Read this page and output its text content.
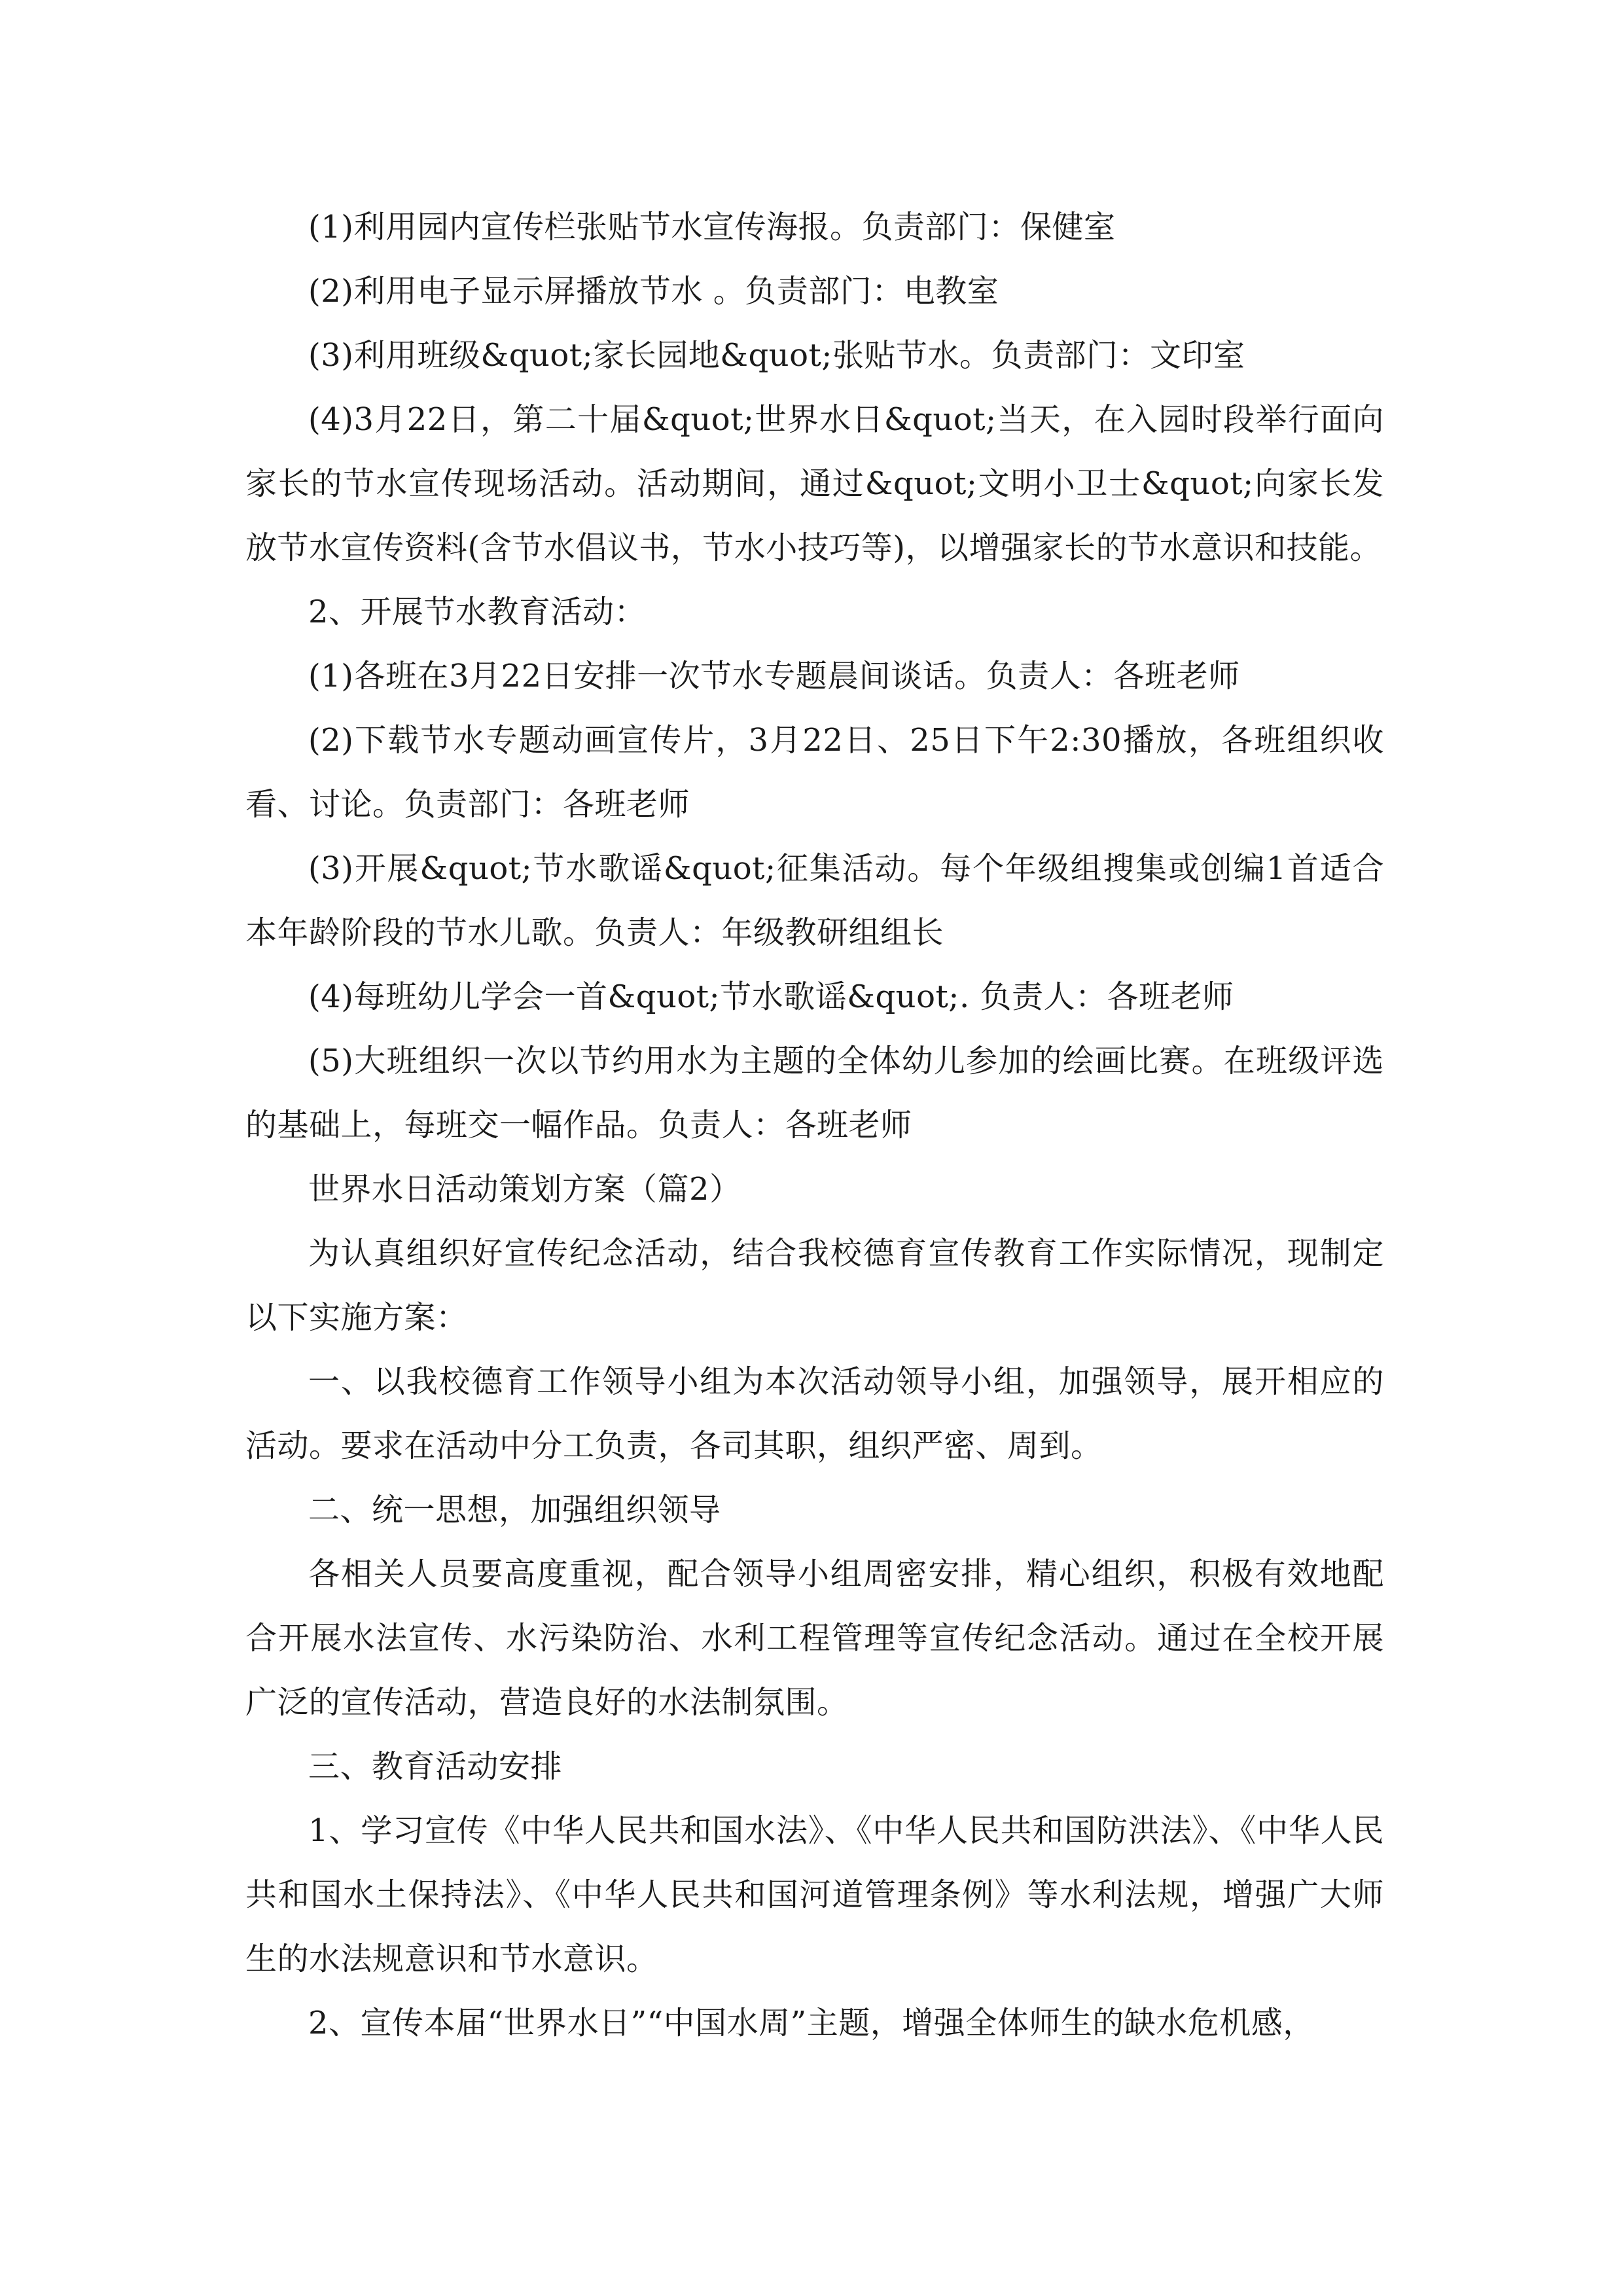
(1)利用园内宣传栏张贴节水宣传海报。负责部门：保健室

(2)利用电子显示屏播放节水 。负责部门：电教室

(3)利用班级&quot;家长园地&quot;张贴节水。负责部门：文印室

(4)3月22日，第二十届&quot;世界水日&quot;当天，在入园时段举行面向家长的节水宣传现场活动。活动期间，通过&quot;文明小卫士&quot;向家长发放节水宣传资料(含节水倡议书，节水小技巧等)，以增强家长的节水意识和技能。

2、开展节水教育活动：

(1)各班在3月22日安排一次节水专题晨间谈话。负责人：各班老师

(2)下载节水专题动画宣传片，3月22日、25日下午2:30播放，各班组织收看、讨论。负责部门：各班老师

(3)开展&quot;节水歌谣&quot;征集活动。每个年级组搜集或创编1首适合本年龄阶段的节水儿歌。负责人：年级教研组组长

(4)每班幼儿学会一首&quot;节水歌谣&quot;. 负责人：各班老师

(5)大班组织一次以节约用水为主题的全体幼儿参加的绘画比赛。在班级评选的基础上，每班交一幅作品。负责人：各班老师

世界水日活动策划方案（篇2）

为认真组织好宣传纪念活动，结合我校德育宣传教育工作实际情况，现制定以下实施方案：

一、以我校德育工作领导小组为本次活动领导小组，加强领导，展开相应的活动。要求在活动中分工负责，各司其职，组织严密、周到。

二、统一思想，加强组织领导

各相关人员要高度重视，配合领导小组周密安排，精心组织，积极有效地配合开展水法宣传、水污染防治、水利工程管理等宣传纪念活动。通过在全校开展广泛的宣传活动，营造良好的水法制氛围。

三、教育活动安排

1、学习宣传《中华人民共和国水法》、《中华人民共和国防洪法》、《中华人民共和国水土保持法》、《中华人民共和国河道管理条例》等水利法规，增强广大师生的水法规意识和节水意识。

2、宣传本届“世界水日”“中国水周”主题，增强全体师生的缺水危机感，
